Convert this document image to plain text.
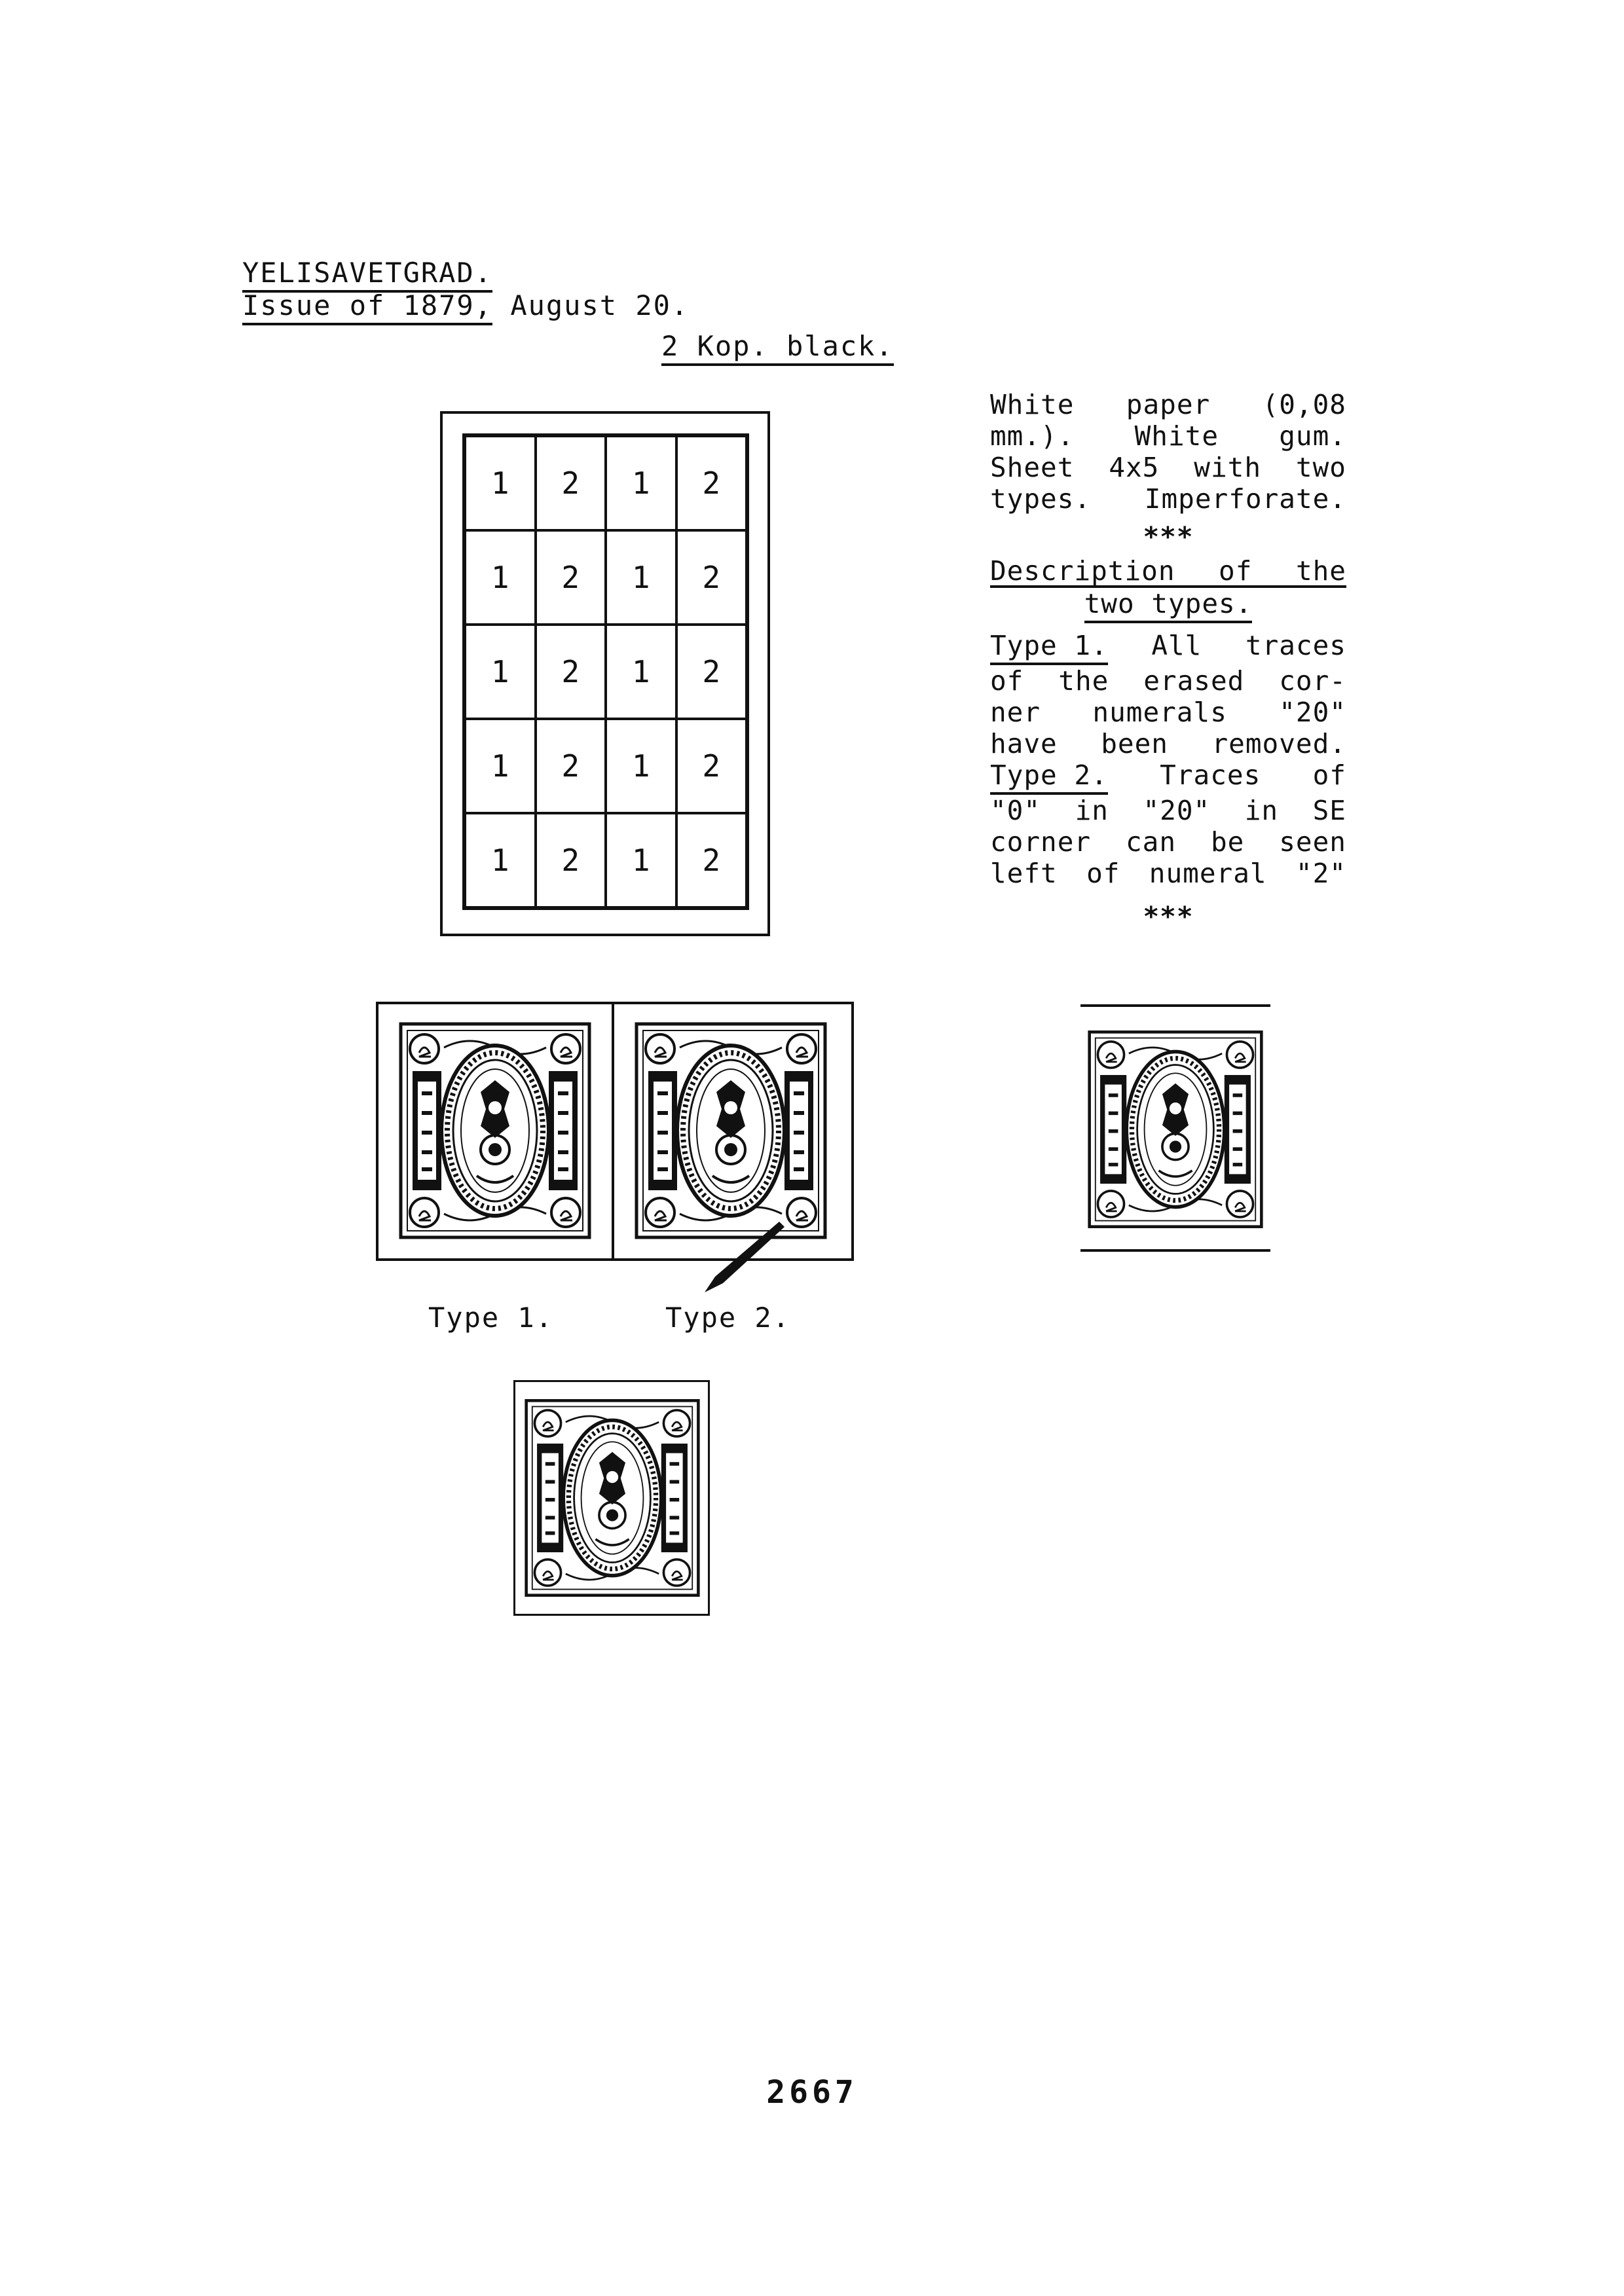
YELISAVETGRAD.
Issue of 1879, August 20.
2 Kop. black.
1	2	1	2
1	2	1	2
1	2	1	2
1	2	1	2
1	2	1	2
White paper (0,08
mm.). White gum.
Sheet 4x5 with two
types. Imperforate.
***
Description of the
two types.
Type 1. All traces
of the erased cor-
ner numerals "20"
have been removed.
Type 2. Traces of
"0" in "20" in SE
corner can be seen
left of numeral "2"
***
Type 1.	Type 2.
2667
